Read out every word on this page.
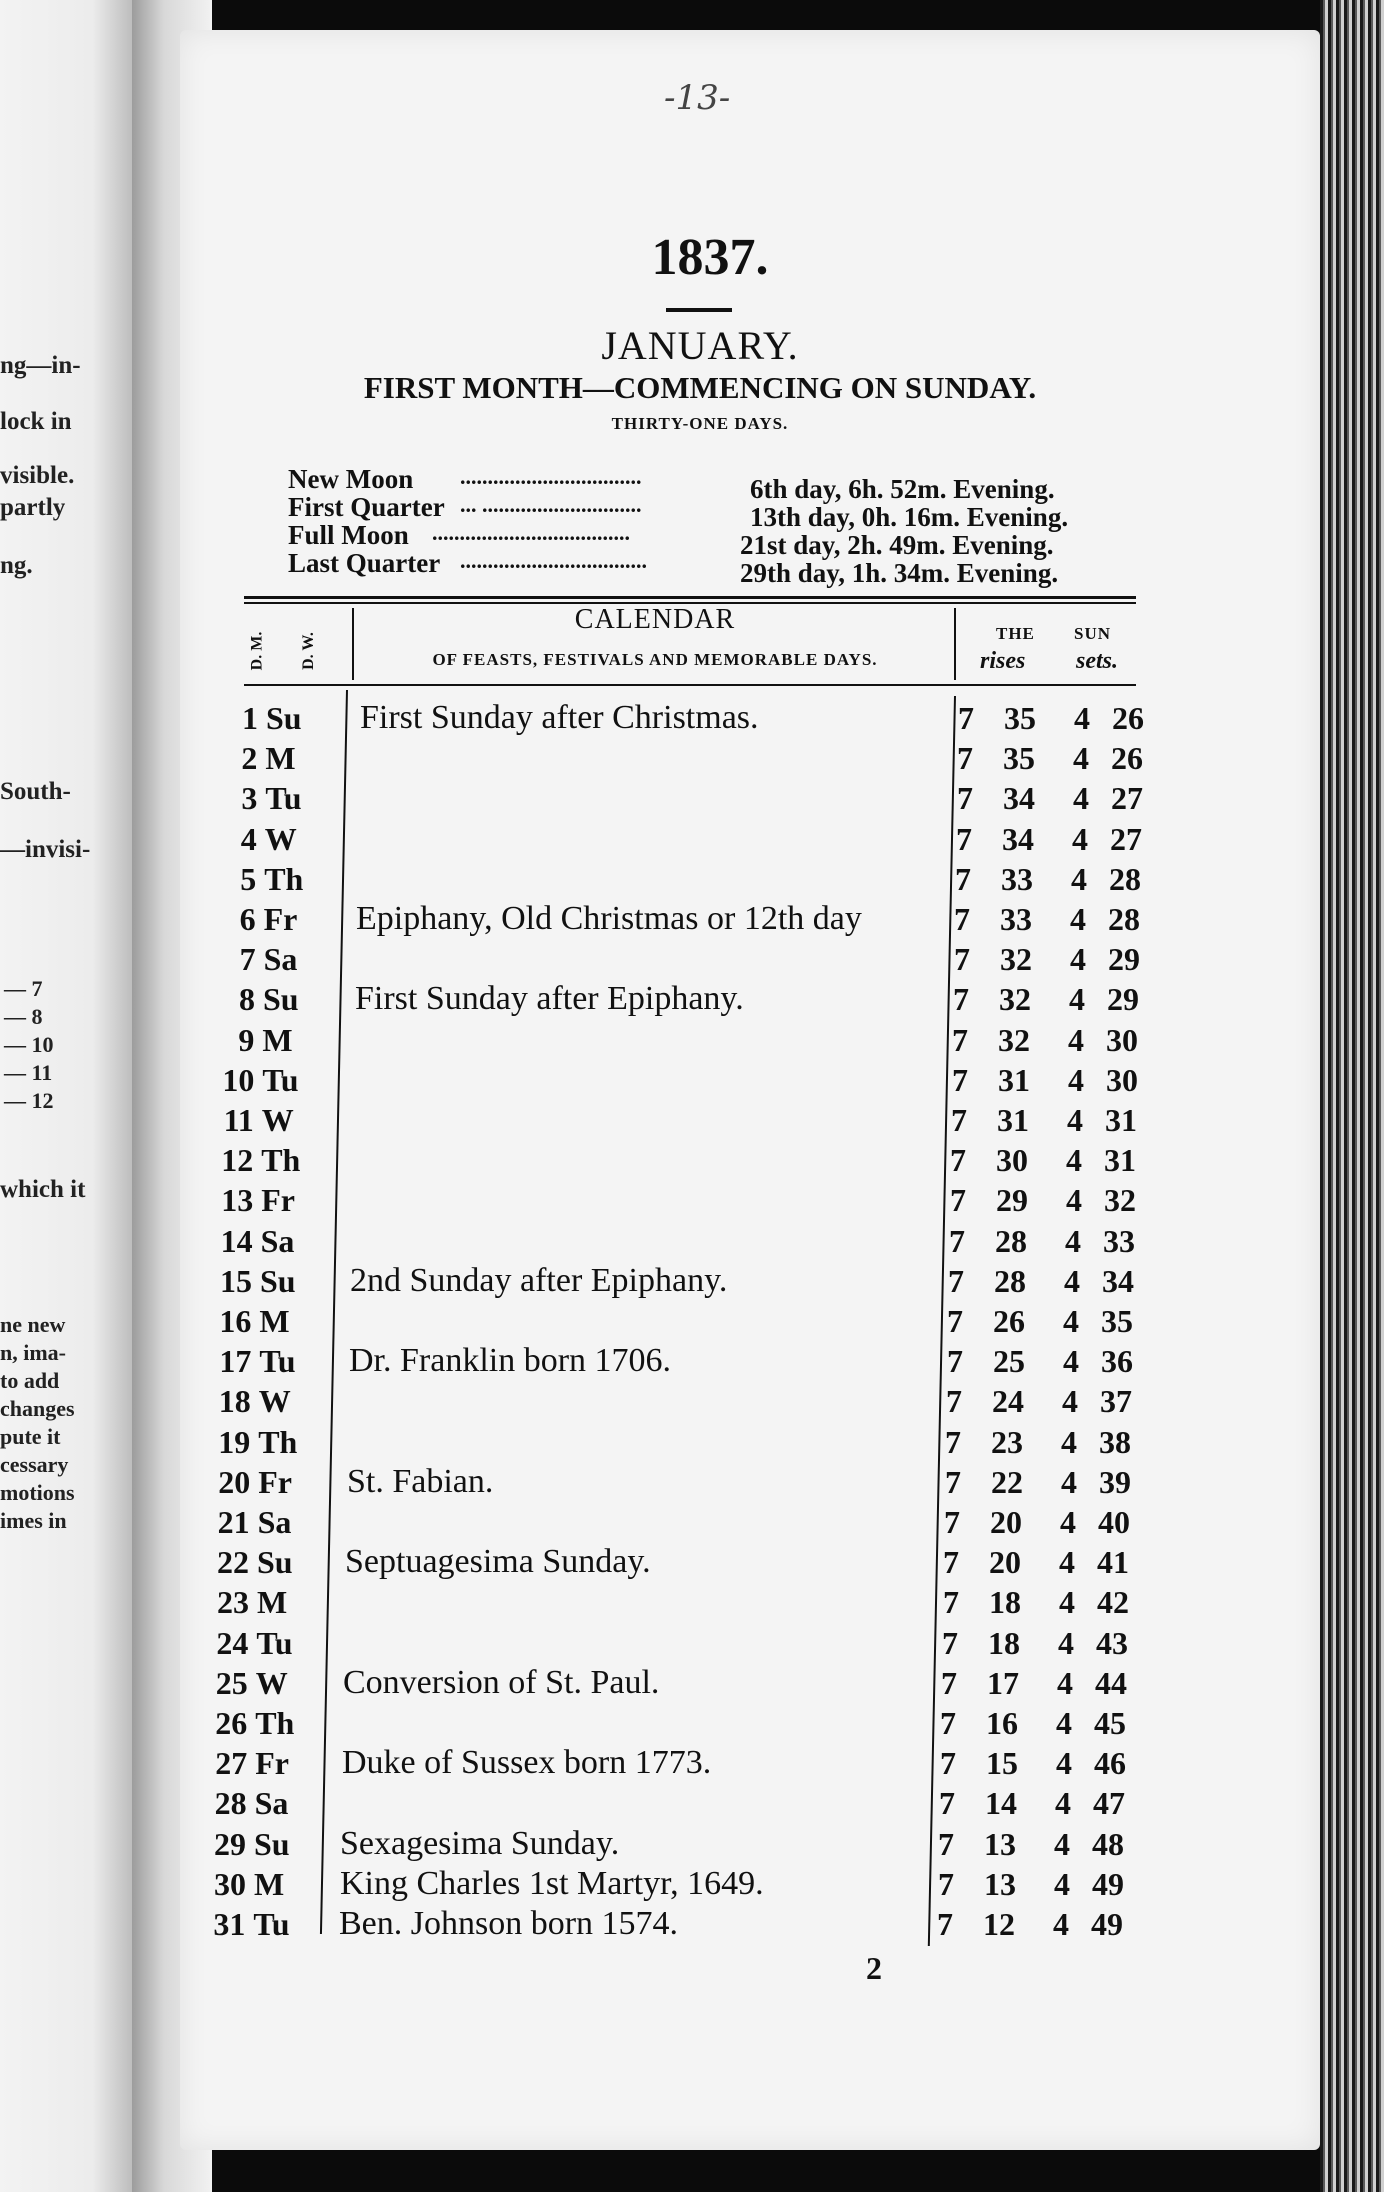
ng—in-
lock in
visible.
partly
ng.
South-
—invisi-
— 7
— 8
— 10
— 11
— 12
which it
ne new
n, ima-
to add
changes
pute it
cessary
motions
imes in
-13-
1837.
JANUARY.
FIRST MONTH—COMMENCING ON SUNDAY.
THIRTY-ONE DAYS.
New Moon .................................	6th day, 6h. 52m. Evening.
First Quarter ... .............................	13th day, 0h. 16m. Evening.
Full Moon ....................................	21st day, 2h. 49m. Evening.
Last Quarter ..................................	29th day, 1h. 34m. Evening.
D. M. D. W.
CALENDAR
OF FEASTS, FESTIVALS AND MEMORABLE DAYS.
THE SUN
rises sets.
1 Su First Sunday after Christmas.	7 35 4 26
2 M	7 35 4 26
3 Tu	7 34 4 27
4 W	7 34 4 27
5 Th	7 33 4 28
6 Fr Epiphany, Old Christmas or 12th day	7 33 4 28
7 Sa	7 32 4 29
8 Su First Sunday after Epiphany.	7 32 4 29
9 M	7 32 4 30
10 Tu	7 31 4 30
11 W	7 31 4 31
12 Th	7 30 4 31
13 Fr	7 29 4 32
14 Sa	7 28 4 33
15 Su 2nd Sunday after Epiphany.	7 28 4 34
16 M	7 26 4 35
17 Tu Dr. Franklin born 1706.	7 25 4 36
18 W	7 24 4 37
19 Th	7 23 4 38
20 Fr St. Fabian.	7 22 4 39
21 Sa	7 20 4 40
22 Su Septuagesima Sunday.	7 20 4 41
23 M	7 18 4 42
24 Tu	7 18 4 43
25 W Conversion of St. Paul.	7 17 4 44
26 Th	7 16 4 45
27 Fr Duke of Sussex born 1773.	7 15 4 46
28 Sa	7 14 4 47
29 Su Sexagesima Sunday.	7 13 4 48
30 M King Charles 1st Martyr, 1649.	7 13 4 49
31 Tu Ben. Johnson born 1574.	7 12 4 49
2
